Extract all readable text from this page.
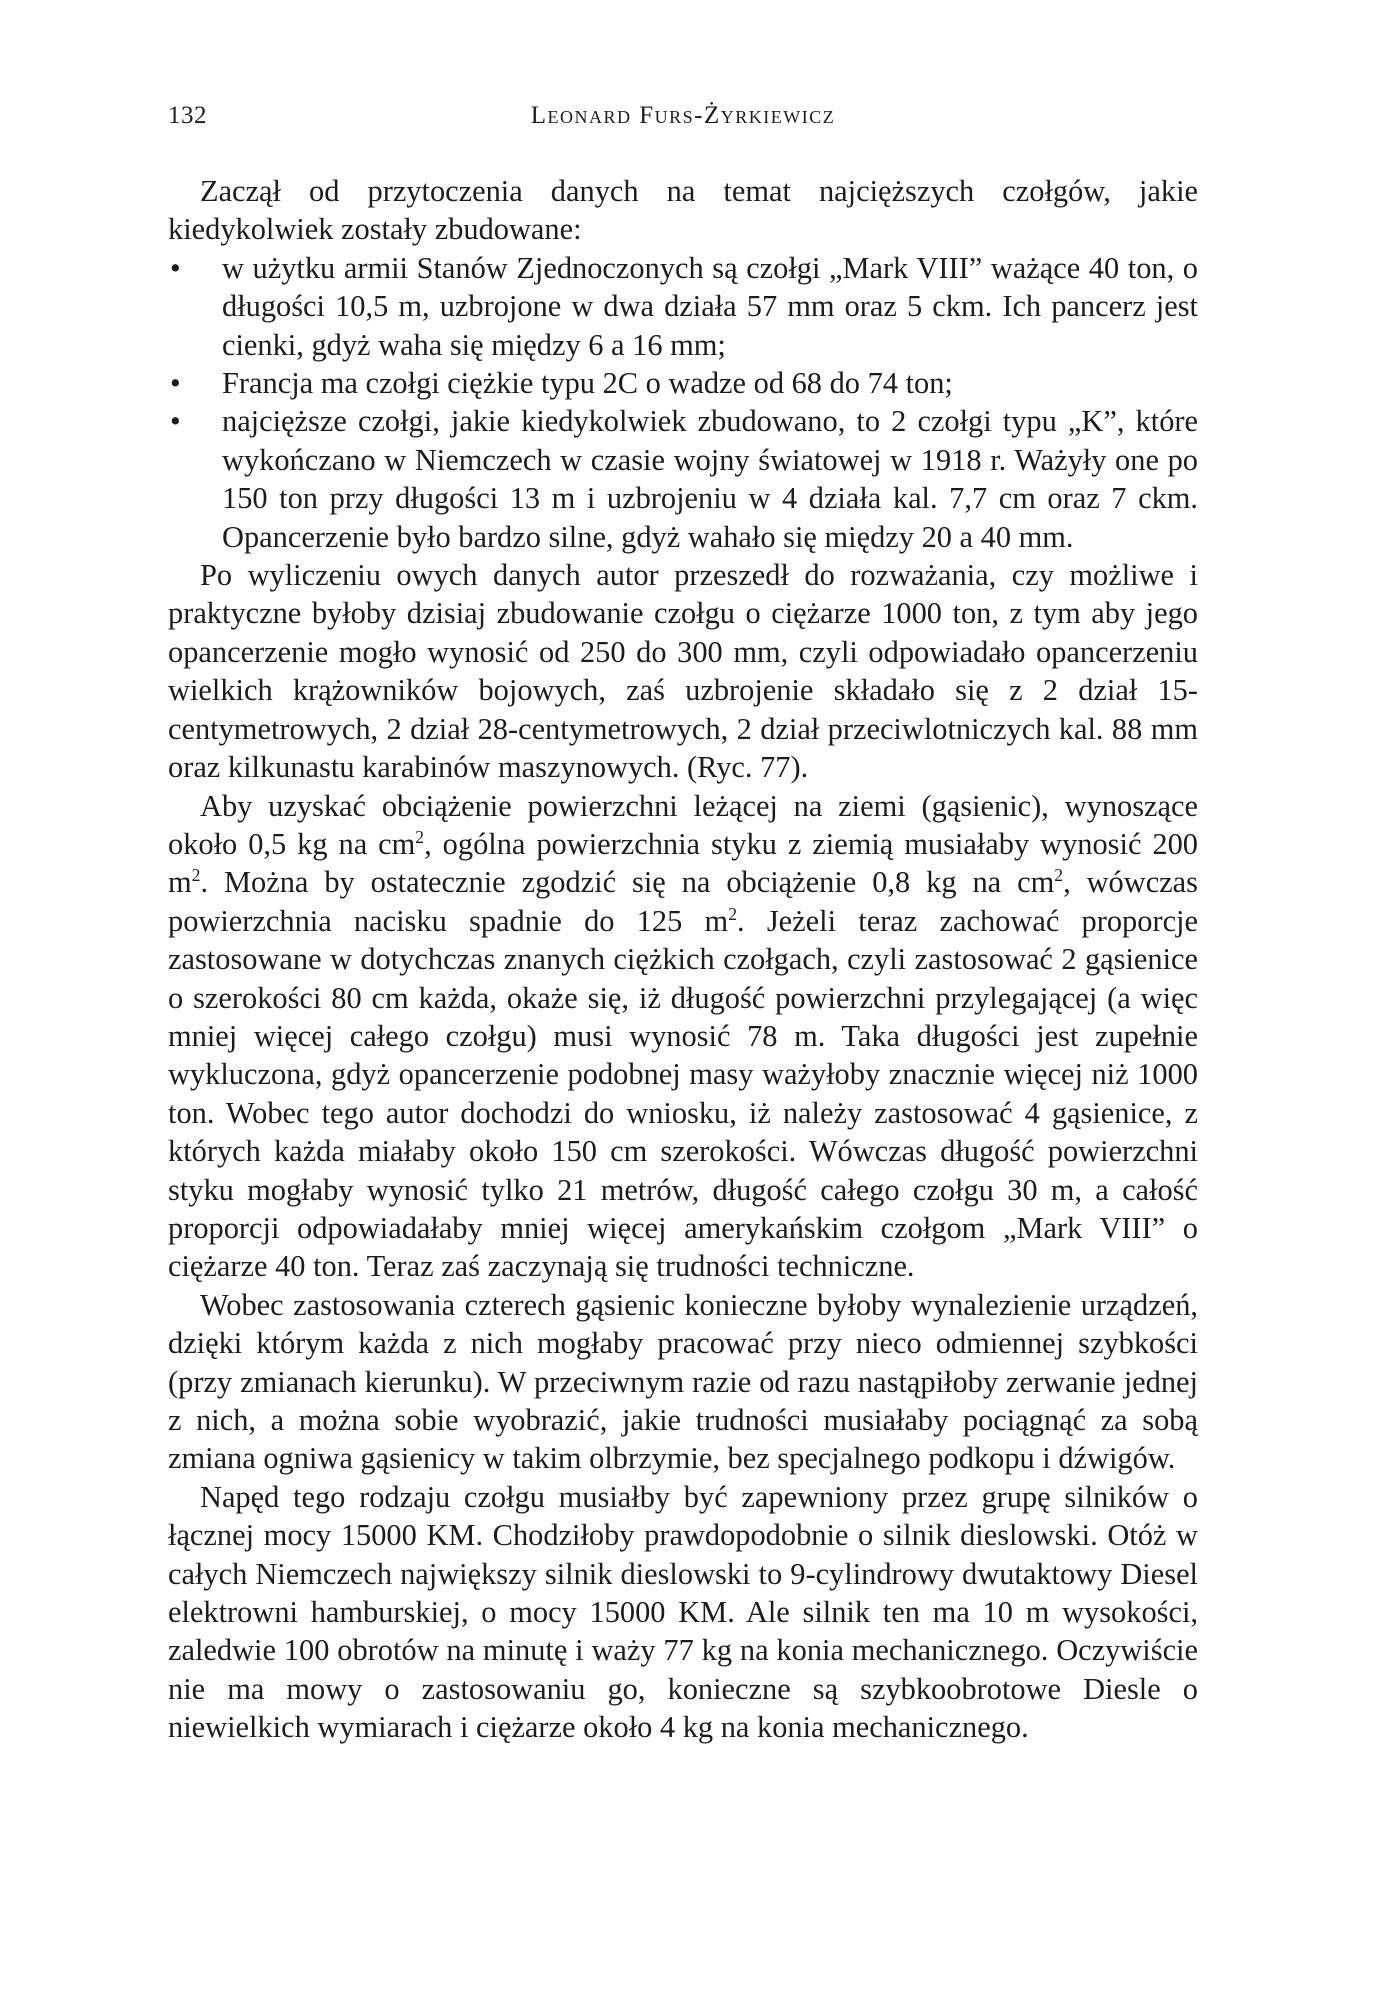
132	Leonard Furs-Żyrkiewicz

Zaczął od przytoczenia danych na temat najcięższych czołgów, jakie kiedykolwiek zostały zbudowane:

• w użytku armii Stanów Zjednoczonych są czołgi „Mark VIII” ważące 40 ton, o długości 10,5 m, uzbrojone w dwa działa 57 mm oraz 5 ckm. Ich pancerz jest cienki, gdyż waha się między 6 a 16 mm;
• Francja ma czołgi ciężkie typu 2C o wadze od 68 do 74 ton;
• najcięższe czołgi, jakie kiedykolwiek zbudowano, to 2 czołgi typu „K”, które wykończano w Niemczech w czasie wojny światowej w 1918 r. Ważyły one po 150 ton przy długości 13 m i uzbrojeniu w 4 działa kal. 7,7 cm oraz 7 ckm. Opancerzenie było bardzo silne, gdyż wahało się między 20 a 40 mm.

Po wyliczeniu owych danych autor przeszedł do rozważania, czy możliwe i praktyczne byłoby dzisiaj zbudowanie czołgu o ciężarze 1000 ton, z tym aby jego opancerzenie mogło wynosić od 250 do 300 mm, czyli odpowiadało opancerzeniu wielkich krążowników bojowych, zaś uzbrojenie składało się z 2 dział 15-centymetrowych, 2 dział 28-centymetrowych, 2 dział przeciwlotniczych kal. 88 mm oraz kilkunastu karabinów maszynowych. (Ryc. 77).

Aby uzyskać obciążenie powierzchni leżącej na ziemi (gąsienic), wynoszące około 0,5 kg na $cm^2$, ogólna powierzchnia styku z ziemią musiałaby wynosić 200 $m^2$. Można by ostatecznie zgodzić się na obciążenie 0,8 kg na $cm^2$, wówczas powierzchnia nacisku spadnie do 125 $m^2$. Jeżeli teraz zachować proporcje zastosowane w dotychczas znanych ciężkich czołgach, czyli zastosować 2 gąsienice o szerokości 80 cm każda, okaże się, iż długość powierzchni przylegającej (a więc mniej więcej całego czołgu) musi wynosić 78 m. Taka długości jest zupełnie wykluczona, gdyż opancerzenie podobnej masy ważyłoby znacznie więcej niż 1000 ton. Wobec tego autor dochodzi do wniosku, iż należy zastosować 4 gąsienice, z których każda miałaby około 150 cm szerokości. Wówczas długość powierzchni styku mogłaby wynosić tylko 21 metrów, długość całego czołgu 30 m, a całość proporcji odpowiadałaby mniej więcej amerykańskim czołgom „Mark VIII” o ciężarze 40 ton. Teraz zaś zaczynają się trudności techniczne.

Wobec zastosowania czterech gąsienic konieczne byłoby wynalezienie urządzeń, dzięki którym każda z nich mogłaby pracować przy nieco odmiennej szybkości (przy zmianach kierunku). W przeciwnym razie od razu nastąpiłoby zerwanie jednej z nich, a można sobie wyobrazić, jakie trudności musiałaby pociągnąć za sobą zmiana ogniwa gąsienicy w takim olbrzymie, bez specjalnego podkopu i dźwigów.

Napęd tego rodzaju czołgu musiałby być zapewniony przez grupę silników o łącznej mocy 15000 KM. Chodziłoby prawdopodobnie o silnik dieslowski. Otóż w całych Niemczech największy silnik dieslowski to 9-cylindrowy dwutaktowy Diesel elektrowni hamburskiej, o mocy 15000 KM. Ale silnik ten ma 10 m wysokości, zaledwie 100 obrotów na minutę i waży 77 kg na konia mechanicznego. Oczywiście nie ma mowy o zastosowaniu go, konieczne są szybkoobrotowe Diesle o niewielkich wymiarach i ciężarze około 4 kg na konia mechanicznego.
